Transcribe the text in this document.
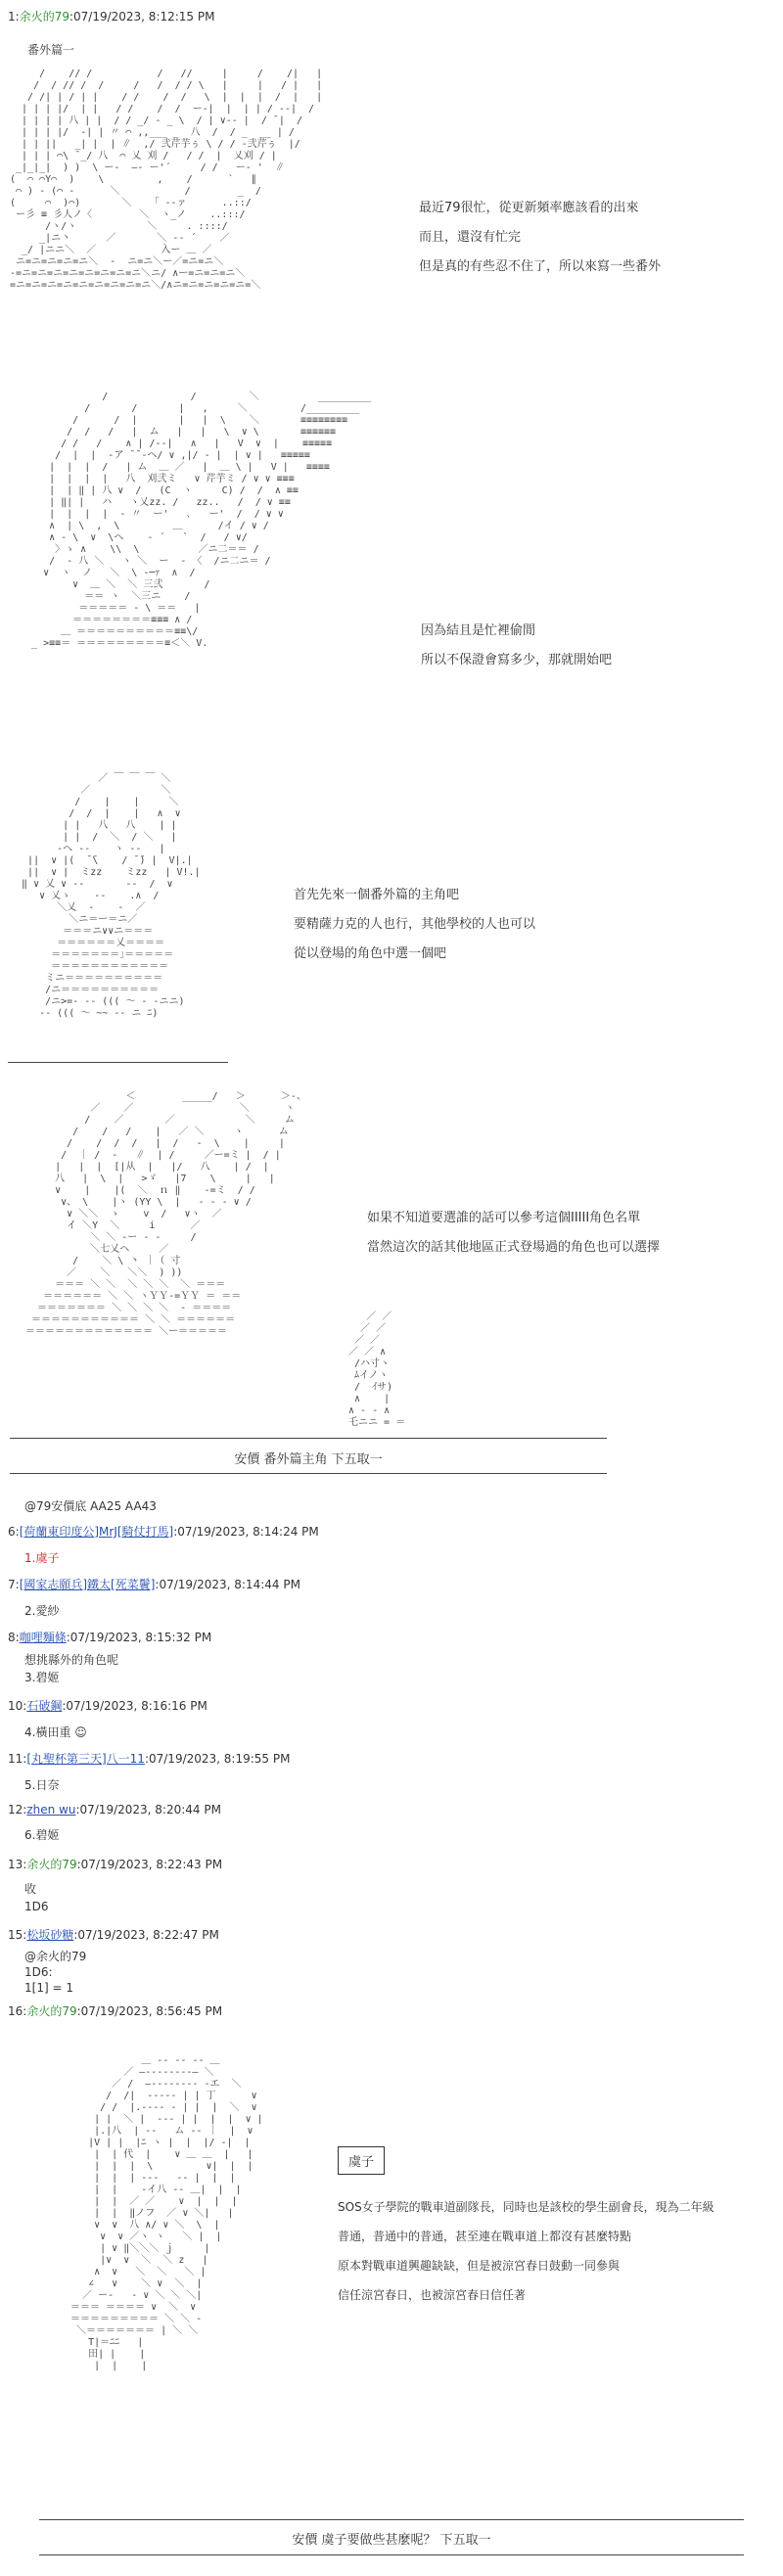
1:余火的79:07/19/2023, 8:12:15 PM
番外篇一
/    // /           /   //     |     /    /|   |
/  / // /  /     /   /  / / \   |     |   / |   |
/ /| | / | |    / /    /  /   \  |  |  |  /  |   |
| | | |/  | |   / /    /  /  ー‐|  |  | | / ‐‐|  /
| | | | 八 | |  / / _/ ‐ _ \  / | ∨‐‐ |  / ̄ |  /
| | | |/  ‐| | 〃 ⌒ ,,___ _  八  /  / _  __ | /
| | ||   _| |  | ∥  ,/ 弐芹芋ぅ \ / / ‐弐芹ぅ  |/
| | | ⌒\ ̄ _/ 八  ⌒ 乂 刈 /   / /  |  乂刈 / |
_|_|_|  ) )  \ ー‐  ―- ー'´     / /   ー‐ '  ∥
(  ⌒ ⌒Y⌒  )    \         ,    /      `   ∥
⌒ ) ‐ (⌒ ‐      ＼           /        _  /
(     ⌒  )⌒)       ＼   「 ‐‐ァ      ..::/
ー彡 ≡ 彡人ノ〈        ＼  ヽ_ノ    ..:::/
/ヽ/ヽ            ＼     . ::::/
_|ニ丶      ／       ＼ -‐ ´    ／
_/ |ニニ＼  ／           入ー ＿ ／
ニ=ニ=ニ=ニ=ニ＼  ‐  ニ=ニ＼ー／=ニ=ニ＼
-=ニ=ニ=ニ=ニ=ニ=ニ=ニ=ニ＼ニ/ ∧ー=ニ=ニ=ニ＼
=ニ=ニ=ニ=ニ=ニ=ニ=ニ=ニ=ニ＼/∧ニ=ニ=ニ=ニ=ニ=＼
最近79很忙，從更新頻率應該看的出來
而且，還沒有忙完
但是真的有些忍不住了，所以來寫一些番外
/              /         ＼          _________
/       /       |   ,     ＼         /_________
/      /  |       |   |  \    ＼       ≡≡≡≡≡≡≡≡
/  /   /   |  ム   |   |   \  ∨ \       ≡≡≡≡≡≡
/ /   /    ∧ | /‐‐|   ∧   |   V  ∨  |    ≡≡≡≡≡
/  |  |  ‐ア ̄ ̄ ‐ヘ/ ∨ ,|/ ‐ |  | ∨ |   ≡≡≡≡≡
|  |  |  /   | ム  ＿ ／   |  ＿ \ |   V |   ≡≡≡≡
|  |  |  |   八  刈弐ミ   ∨ 芹芋ミ / ∨ ∨ ≡≡≡
|  | ‖ | 八 ∨  /   (C  ヽ     C) /  /  ∧ ≡≡
| ‖| |   ハ   ヽ乂zz. /   zz..   /  / ∨ ≡≡
|  |  |  |  ‐ 〃  ー'   ､   ー'  /  / ∨ ∨
∧  | \  ,  \         ＿      /イ / ∨ /
∧ ‐ \  ∨  \ヘ    ‐ ´   `  /   / ∨/
〉ゝ ∧    \\  \          ／ニ二＝＝ /
/  ‐ 八 ＼   ヽ ＼  ー  ‐ 〈  /ニ二ニ＝ /
∨  ヽ  ノ   ＼  \ ‐─ｧ  ∧  /
∨  ＿ ＼  ＼ 三弐       /
＝＝ ヽ  ＼三ニ    /
＝＝＝＝＝ ‐ \ ＝＝   |
＝＝＝＝＝＝＝＝≡≡≡ ∧ /
＿ ＝＝＝＝＝＝＝＝＝＝≡≡\/
_ >≡≡＝ ＝＝＝＝＝＝＝＝＝≡＜＼ V.
因為結且是忙裡偷閒
所以不保證會寫多少，那就開始吧
／ ￣ ￣ ￣ ＼
／            ＼
/    |    |     ＼
/  /  |    |   ∧  ∨
| |   八   八    | |
| |  /  ＼  / ＼   |
‐ヘ ‐‐    ヽ ‐‐   |
||  ∨ |(  ̄ ̄\    / ̄ ̄) |  V|.|
||  ∨ |  ミzz    ミzz   | V!.|
‖ ∨ 乂 ∨ ‐‐       ‐‐  /  ∨
∨ 乂ゝ    ‐‐    .∧  /
＼乂  ‐    ‐  ／
＼ニ＝ー＝ニ／
＝＝＝ニ∨∨ニ＝＝＝
＝＝＝＝＝＝乂＝＝＝＝
＝＝＝＝＝＝＝｣＝＝＝＝＝
＝＝＝＝＝＝＝＝＝＝＝＝
ミニ＝＝＝＝＝＝＝＝＝＝
/ニ＝＝＝＝＝＝＝＝＝＝
/ニ>=‐ ‐‐ ((( 〜 ‐ ‐ニニ)
‐‐ ((( 〜 ~~ ‐‐ ニ ﾆ)
首先先來一個番外篇的主角吧
要精薩力克的人也行，其他學校的人也可以
從以登場的角色中選一個吧
＜        _____/   ＞      ＞-、
／    ／                  ＼      ヽ
/    ／       ／            ＼     ム
/    /   /    |   ／ ＼     ヽ      ム
/    /  /  /   |  /   ‐  \    |     |
/  ｜ /  ‐   ∥  | /     ／ー=ミ |  / |
|   |  |  [|从  |   |/   八    | /  |
八   |  \  |   >ゞ   |7    \     |   |
∨    |    |(  ＼  ｎ ‖    -=ミ  / /
∨、 \    |ヽ (YY \  |   ‐ ‐ ‐ ∨ /
∨ ＼＼  ゝ    v  /   ∨ヽ  ／
イ ＼Y  ＼     i      ／
＼ ＼ ‐ー ‐ ‐     /
＼七乂ヘ     ／
/    ＼ \ 丶 ｜（ 寸
／    ＼   ＼＼  ) ))
＝＝＝ ＼ ＼  ＼ ＼ ＼  ＼ ＝＝＝
＝＝＝＝＝＝ ＼ ＼ ヽＹＹ-=ＹＹ ＝ ＝＝
＝＝＝＝＝＝＝ ＼ ＼ ＼ ＼  ‐ ＝＝＝＝
＝＝＝＝＝＝＝＝＝＝＝ ＼ ＼ ＝＝＝＝＝＝
＝＝＝＝＝＝＝＝＝＝＝＝＝ ＼ー＝＝＝＝＝
／ ／
／ ／
／ ／
／ ／ ∧
/ハ寸ヽ
ﾑイノヽ
/  ｲサ)
∧    |
∧ ‐ ‐ ∧
乇ニニ = ＝
如果不知道要選誰的話可以參考這個IIIII角色名單
當然這次的話其他地區正式登場過的角色也可以選擇
安價 番外篇主角 下五取一
@79安價底 AA25 AA43
6:[荷蘭東印度公]MrJ[騎仗打馬]:07/19/2023, 8:14:24 PM
1.虞子
7:[國家志願兵]鐵太[死菜鬢]:07/19/2023, 8:14:44 PM
2.愛紗
8:咖哩麵條:07/19/2023, 8:15:32 PM
想挑縣外的角色呢
3.碧姬
10:石破鋼:07/19/2023, 8:16:16 PM
4.橫田重 ☺
11:[丸聖杯第三天]八一11:07/19/2023, 8:19:55 PM
5.日奈
12:zhen wu:07/19/2023, 8:20:44 PM
6.碧姬
13:余火的79:07/19/2023, 8:22:43 PM
收
1D6
15:松坂砂糖:07/19/2023, 8:22:47 PM
@余火的79
1D6:
1[1] = 1
16:余火的79:07/19/2023, 8:56:45 PM
＿ ‐‐ ‐‐ ‐‐ ＿
／ ―‐‐‐‐‐‐‐‐― ＼
／ /  ―‐‐‐‐‐‐‐‐ ‐エ  ＼
/  /|  ‐‐‐‐‐ | | 丁      ∨
/ /  |.‐‐‐‐ ‐ | |  |  ＼  ∨
| |  ＼ |  ‐‐‐ | |  |  |  ∨ |
|.|八  | ‐‐   ム ‐‐ ｜  |  ∨
|V | |  |ﾆ ヽ |  |  |/ ‐|  |
|  | 代  |    ∨ ＿ ＿  |   |
|  |  |  \         ∨|  |  |
|  |  | ‐‐‐   ‐‐ |  |  |
|  |    ‐イ八 ‐‐ ＿|  |  |
|  |  ／ ／    ∨  |  |  |
|  |  ‖ノフ  ／ ∨ ＼|   |
∨  ∨  八 ∧/ ∨ ＼  \  |
∨  ∨ ／ヽ ヽ   ＼ |  |
| ∨ ‖＼＼＼ ｊ     |
|∨  ∨  ＼  ＼ z   |
∧  ∨   ＼  ＼   ＼ |
∠   ∨    ＼ ∨  ＼  |
／ ー‐   ‐ ∨ ＼ ＼ ＼|
＝＝＝ ＝＝＝＝ ∨  ＼  ∨
＝＝＝＝＝＝＝＝＝ ＼ ＼ ‐
＼＝＝＝＝＝＝＝ | ＼ ＼
T|＝ﾆﾆ   |
田| |    |
|  |    |
虞子
SOS女子學院的戰車道副隊長，同時也是該校的學生副會長，現為二年級
普通，普通中的普通，甚至連在戰車道上都沒有甚麼特點
原本對戰車道興趣缺缺，但是被涼宮春日鼓動一同參與
信任涼宮春日，也被涼宮春日信任著
安價 虞子要做些甚麼呢？ 下五取一
